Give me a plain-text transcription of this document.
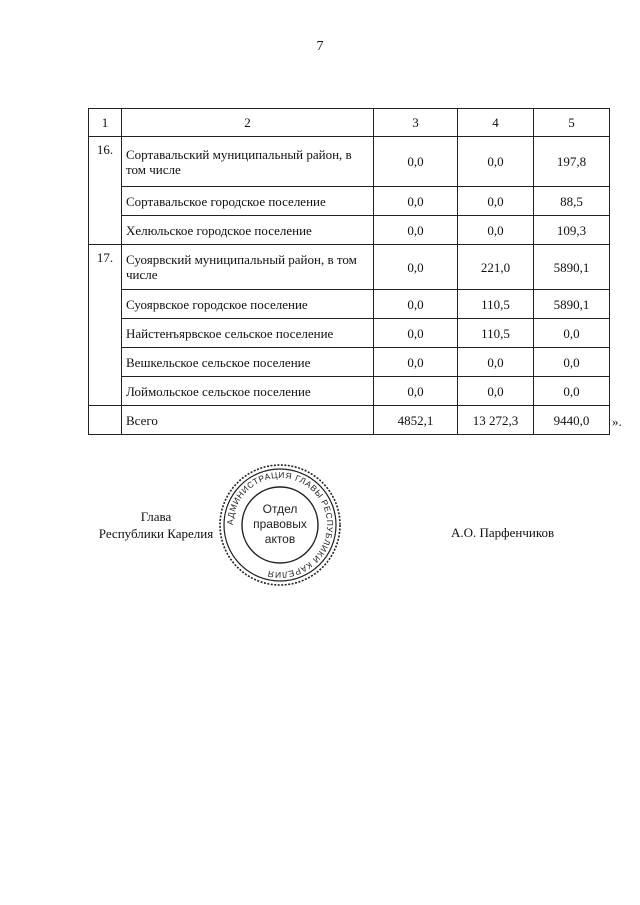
7
1	2	3	4	5
16.	Сортавальский муниципальный район, в том числе	0,0	0,0	197,8
	Сортавальское городское поселение	0,0	0,0	88,5
	Хелюльское городское поселение	0,0	0,0	109,3
17.	Суоярвский муниципальный район, в том числе	0,0	221,0	5890,1
	Суоярвское городское поселение	0,0	110,5	5890,1
	Найстенъярвское сельское поселение	0,0	110,5	0,0
	Вешкельское сельское поселение	0,0	0,0	0,0
	Лоймольское сельское поселение	0,0	0,0	0,0
	Всего	4852,1	13 272,3	9440,0 ».
Глава
Республики Карелия	А.О. Парфенчиков
АДМИНИСТРАЦИЯ ГЛАВЫ РЕСПУБЛИКИ КАРЕЛИЯ
Отдел
правовых
актов
